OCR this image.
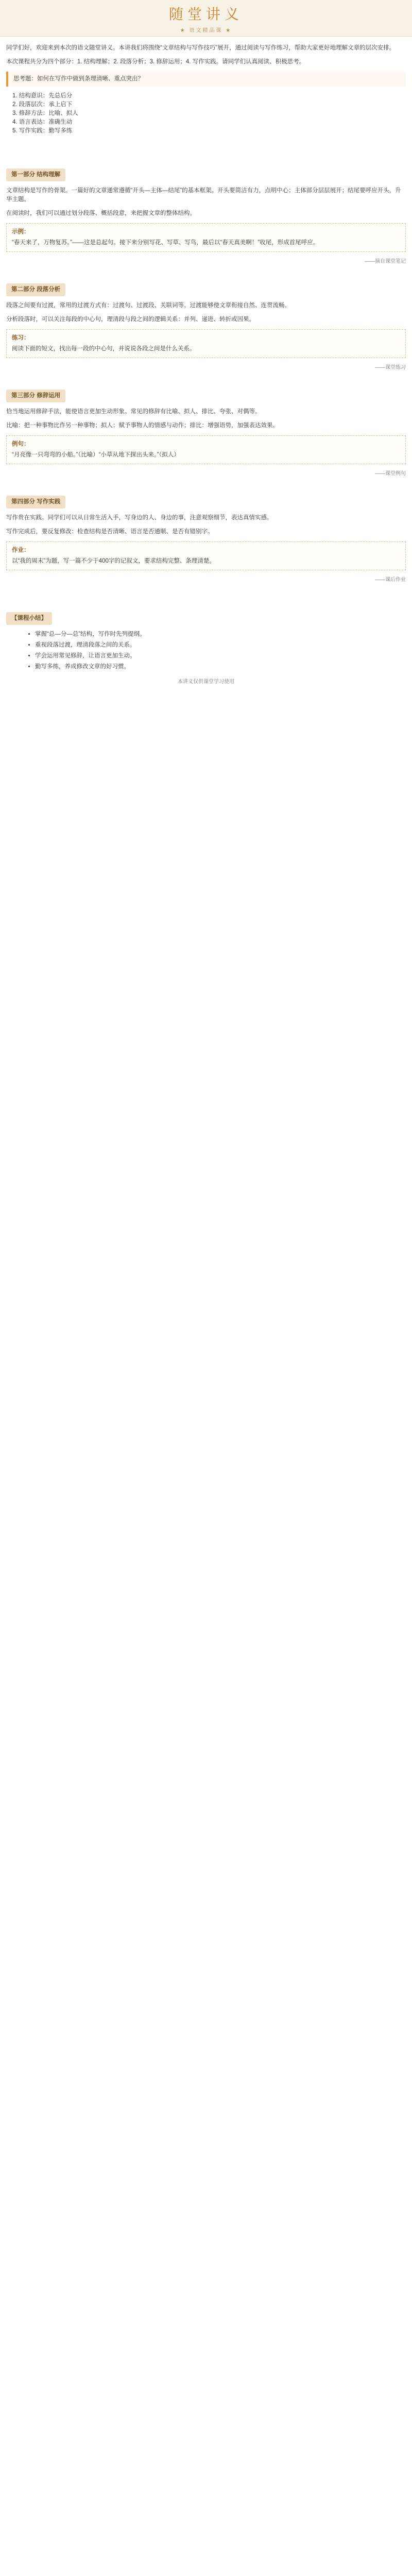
随堂讲义
★ 语文精品课 ★

同学们好，欢迎来到本次的语文随堂讲义。本讲我们将围绕“文章结构与写作技巧”展开，通过阅读与写作练习，帮助大家更好地理解文章的层次安排。

本次课程共分为四个部分：1. 结构理解；2. 段落分析；3. 修辞运用；4. 写作实践。请同学们认真阅读、积极思考。

思考题：如何在写作中做到条理清晰、重点突出？
1. 结构意识：先总后分
2. 段落层次：承上启下
3. 修辞方法：比喻、拟人
4. 语言表达：准确生动
5. 写作实践：勤写多练
第一部分 结构理解

文章结构是写作的骨架。一篇好的文章通常遵循“开头—主体—结尾”的基本框架。开头要简洁有力，点明中心；主体部分层层展开；结尾要呼应开头，升华主题。

在阅读时，我们可以通过划分段落、概括段意，来把握文章的整体结构。

示例：
“春天来了，万物复苏。”——这是总起句。接下来分别写花、写草、写鸟，最后以“春天真美啊！”收尾，形成首尾呼应。
——摘自课堂笔记
第二部分 段落分析

段落之间要有过渡，常用的过渡方式有：过渡句、过渡段、关联词等。过渡能够使文章衔接自然、连贯流畅。

分析段落时，可以关注每段的中心句，理清段与段之间的逻辑关系：并列、递进、转折或因果。

练习：
阅读下面的短文，找出每一段的中心句，并说说各段之间是什么关系。
——课堂练习
第三部分 修辞运用

恰当地运用修辞手法，能使语言更加生动形象。常见的修辞有比喻、拟人、排比、夸张、对偶等。

比喻：把一种事物比作另一种事物；拟人：赋予事物人的情感与动作；排比：增强语势，加强表达效果。

例句：
“月亮像一只弯弯的小船。”（比喻）“小草从地下探出头来。”（拟人）
——课堂例句
第四部分 写作实践

写作贵在实践。同学们可以从日常生活入手，写身边的人、身边的事，注意观察细节，表达真情实感。

写作完成后，要反复修改：检查结构是否清晰、语言是否通顺、是否有错别字。

作业：
以“我的周末”为题，写一篇不少于400字的记叙文，要求结构完整、条理清楚。
——课后作业
【课程小结】
• 掌握“总—分—总”结构，写作时先列提纲。
• 重视段落过渡，理清段落之间的关系。
• 学会运用常见修辞，让语言更加生动。
• 勤写多练，养成修改文章的好习惯。
本讲义仅供课堂学习使用
